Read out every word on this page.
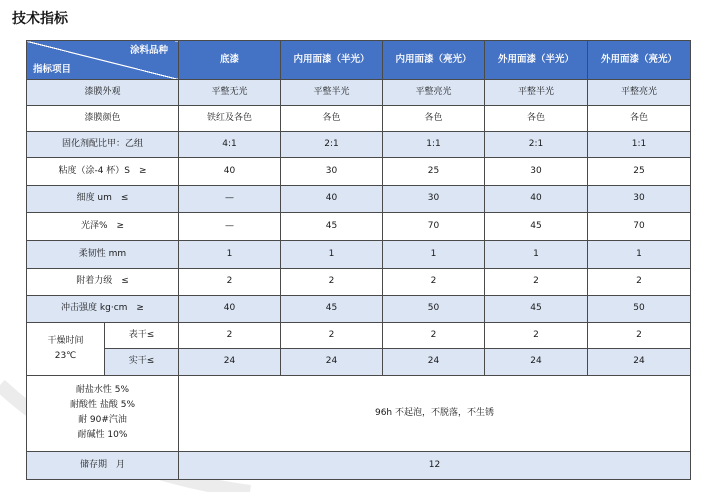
技术指标
涂料品种
指标项目		底漆	内用面漆（半光）	内用面漆（亮光）	外用面漆（半光）	外用面漆（亮光）
漆膜外观		平整无光	平整半光	平整亮光	平整半光	平整亮光
漆膜颜色		铁红及各色	各色	各色	各色	各色
固化剂配比甲：乙组		4:1	2:1	1:1	2:1	1:1
粘度（涂-4 杯）S　≥		40	30	25	30	25
细度 um　≤		—	40	30	40	30
光泽%　≥		—	45	70	45	70
柔韧性 mm		1	1	1	1	1
附着力级　≤		2	2	2	2	2
冲击强度 kg·cm　≥		40	45	50	45	50

干燥时间
23℃	表干≤	2	2	2	2	2
	实干≤	24	24	24	24	24

耐盐水性 5%
耐酸性 盐酸 5%
耐 90#汽油
耐碱性 10%		96h 不起泡，不脱落，不生锈				
储存期　月		12				
